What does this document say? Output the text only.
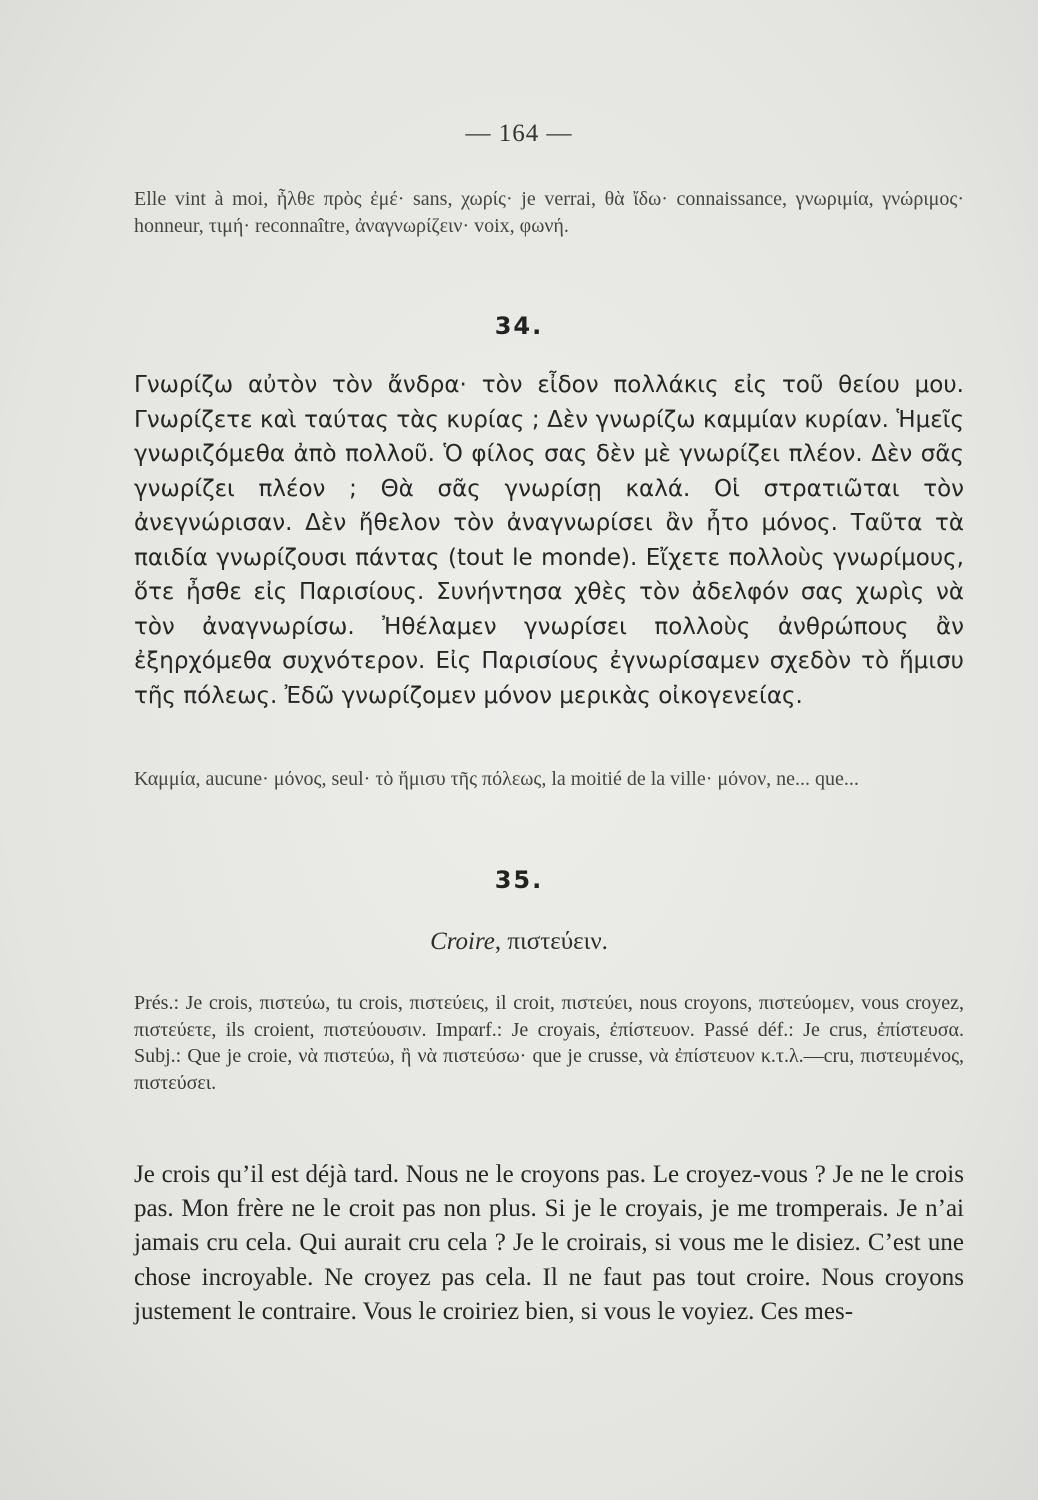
— 164 —

Elle vint à moi, ἦλθε πρὸς ἐμέ· sans, χωρίς· je verrai, θὰ ἴδω· connaissance, γνωριμία, γνώριμος· honneur, τιμή· reconnaître, ἀναγνωρίζειν· voix, φωνή.

34.

Γνωρίζω αὐτὸν τὸν ἄνδρα· τὸν εἶδον πολλάκις εἰς τοῦ θείου μου. Γνωρίζετε καὶ ταύτας τὰς κυρίας ; Δὲν γνωρίζω καμμίαν κυρίαν. Ἡμεῖς γνωριζόμεθα ἀπὸ πολλοῦ. Ὁ φίλος σας δὲν μὲ γνωρίζει πλέον. Δὲν σᾶς γνωρίζει πλέον ; Θὰ σᾶς γνωρίσῃ καλά. Οἱ στρατιῶται τὸν ἀνεγνώρισαν. Δὲν ἤθελον τὸν ἀναγνωρίσει ἂν ἦτο μόνος. Ταῦτα τὰ παιδία γνωρίζουσι πάντας (tout le monde). Εἴχετε πολλοὺς γνωρίμους, ὅτε ἦσθε εἰς Παρισίους. Συνήντησα χθὲς τὸν ἀδελφόν σας χωρὶς νὰ τὸν ἀναγνωρίσω. Ἠθέλαμεν γνωρίσει πολλοὺς ἀνθρώπους ἂν ἐξηρχόμεθα συχνότερον. Εἰς Παρισίους ἐγνωρίσαμεν σχεδὸν τὸ ἥμισυ τῆς πόλεως. Ἐδῶ γνωρίζομεν μόνον μερικὰς οἰκογενείας.

Καμμία, aucune· μόνος, seul· τὸ ἥμισυ τῆς πόλεως, la moitié de la ville· μόνον, ne... que...

35.
Croire, πιστεύειν.

Prés.: Je crois, πιστεύω, tu crois, πιστεύεις, il croit, πιστεύει, nous croyons, πιστεύομεν, vous croyez, πιστεύετε, ils croient, πιστεύουσιν. Impαrf.: Je croyais, ἐπίστευον. Passé déf.: Je crus, ἐπίστευσα. Subj.: Que je croie, νὰ πιστεύω, ἢ νὰ πιστεύσω· que je crusse, νὰ ἐπίστευον κ.τ.λ.—cru, πιστευμένος, πιστεύσει.

Je crois qu’il est déjà tard. Nous ne le croyons pas. Le croyez-vous ? Je ne le crois pas. Mon frère ne le croit pas non plus. Si je le croyais, je me tromperais. Je n’ai jamais cru cela. Qui aurait cru cela ? Je le croirais, si vous me le disiez. C’est une chose incroyable. Ne croyez pas cela. Il ne faut pas tout croire. Nous croyons justement le contraire. Vous le croiriez bien, si vous le voyiez. Ces mes-
